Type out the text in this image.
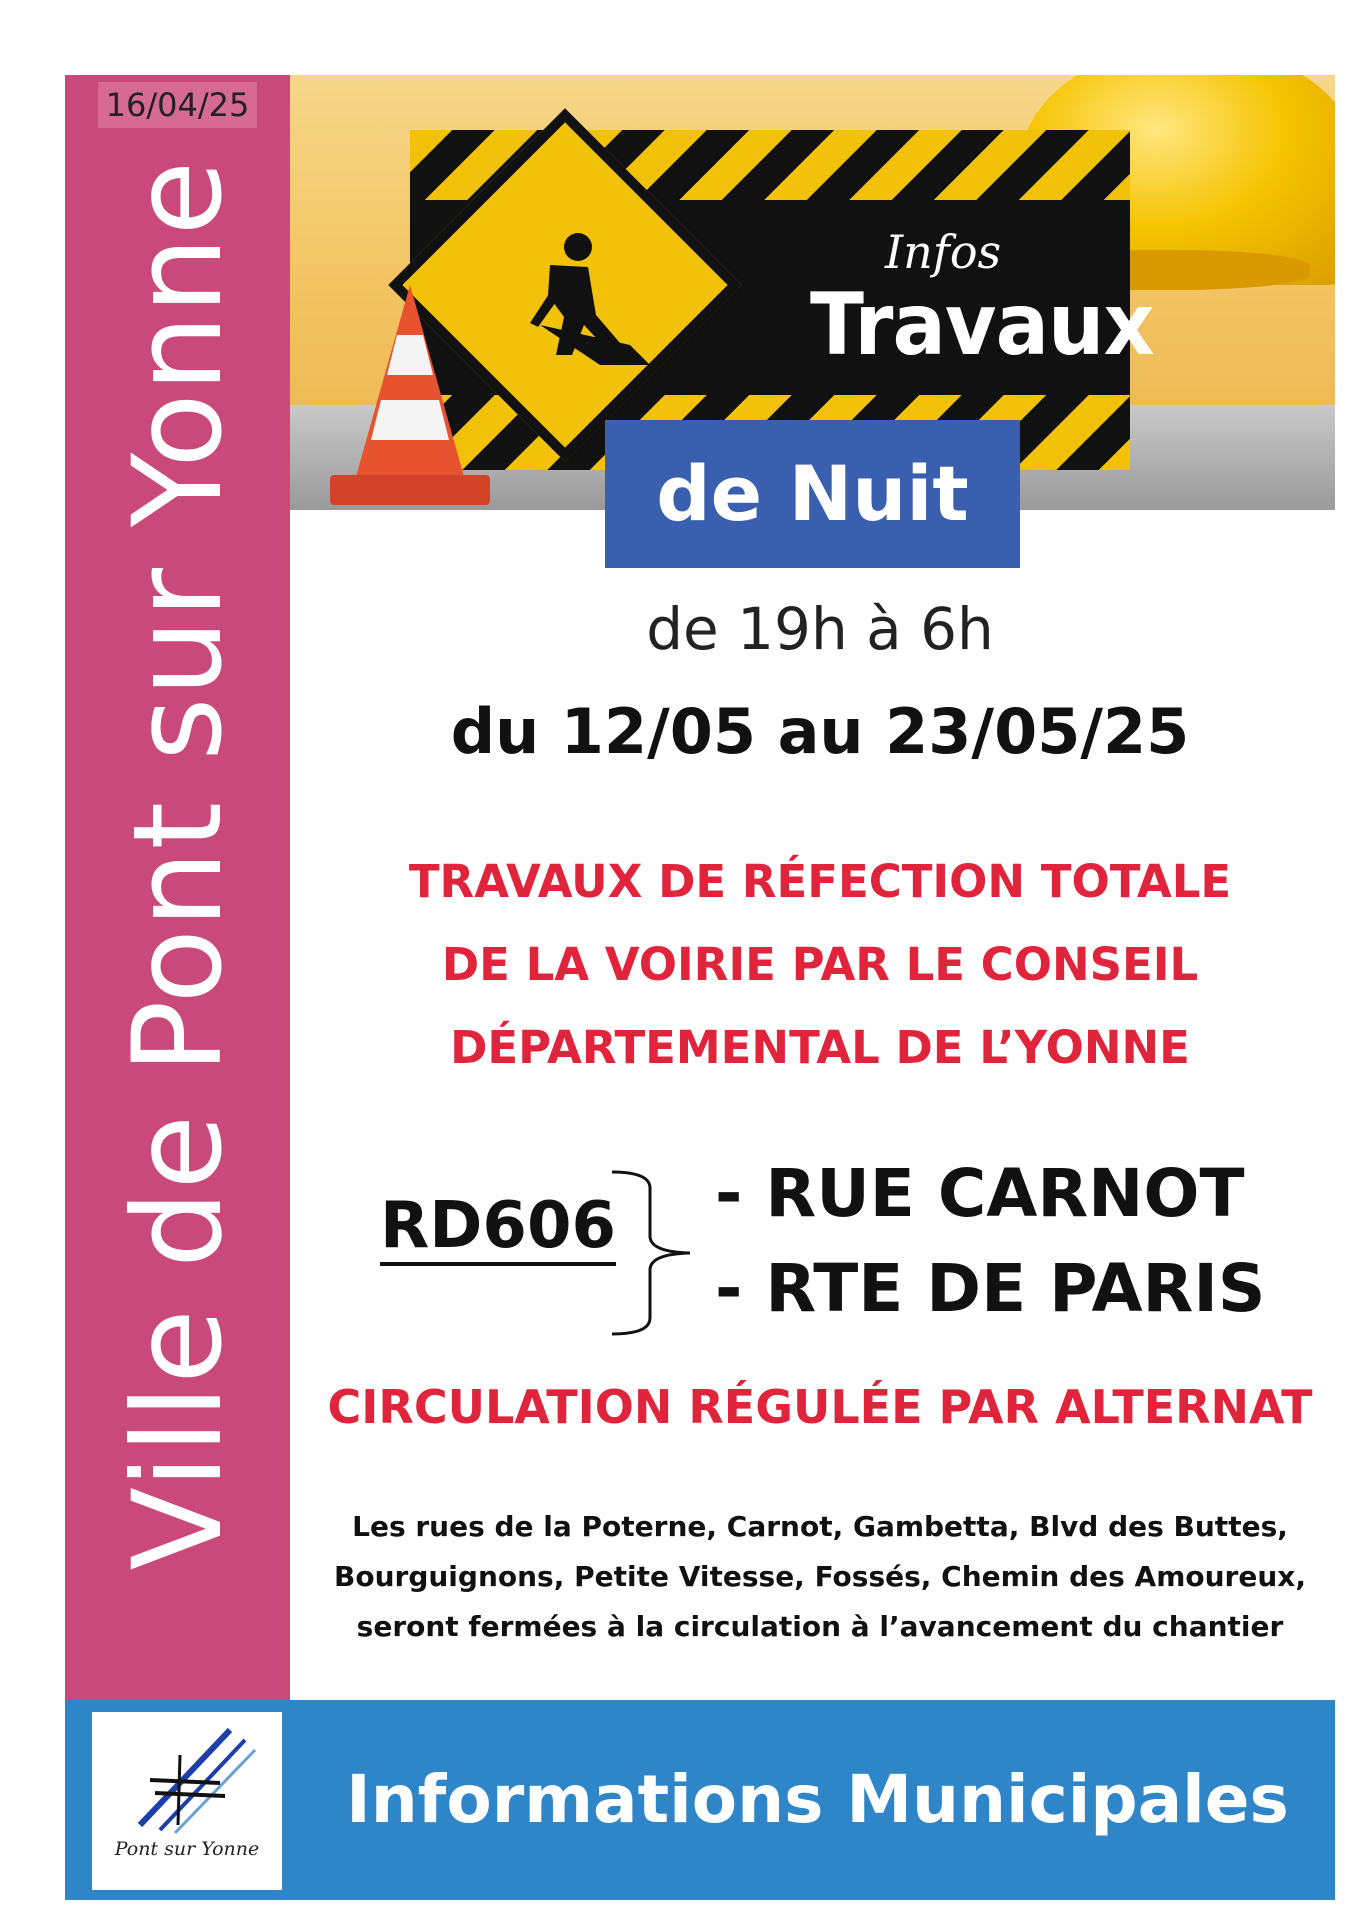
16/04/25
Ville de Pont sur Yonne	Infos
Travaux
de Nuit
de 19h à 6h
du 12/05 au 23/05/25
TRAVAUX DE RÉFECTION TOTALE
DE LA VOIRIE PAR LE CONSEIL
DÉPARTEMENTAL DE L’YONNE
RD606 - RUE CARNOT
- RTE DE PARIS
CIRCULATION RÉGULÉE PAR ALTERNAT
Les rues de la Poterne, Carnot, Gambetta, Blvd des Buttes,
Bourguignons, Petite Vitesse, Fossés, Chemin des Amoureux,
seront fermées à la circulation à l’avancement du chantier
Pont sur Yonne
Informations Municipales
